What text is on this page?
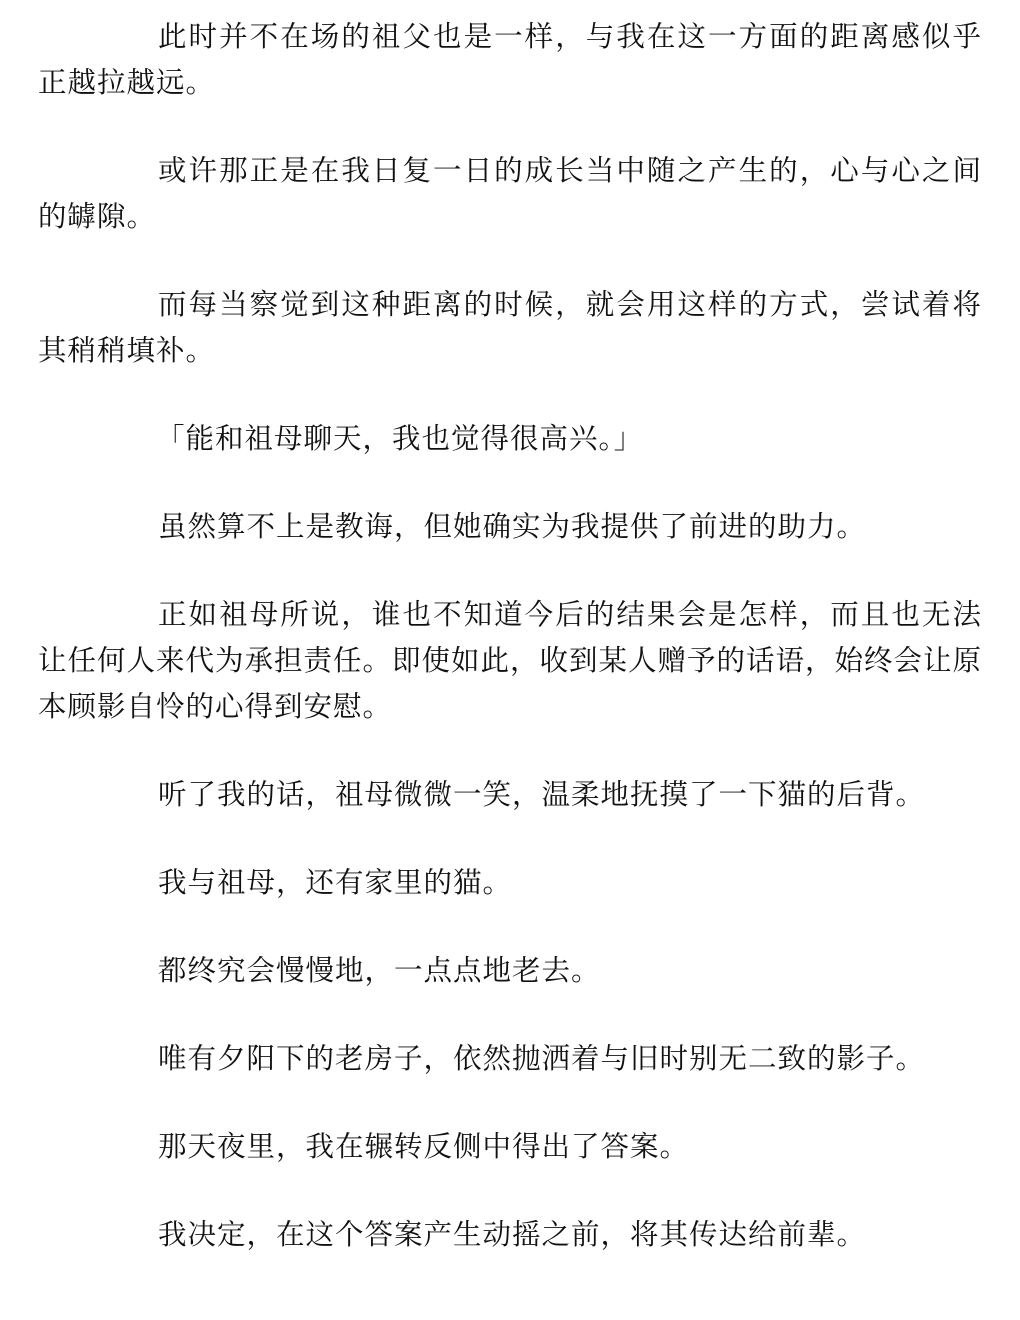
此时并不在场的祖父也是一样，与我在这一方面的距离感似乎正越拉越远。

或许那正是在我日复一日的成长当中随之产生的，心与心之间的罅隙。

而每当察觉到这种距离的时候，就会用这样的方式，尝试着将其稍稍填补。

「能和祖母聊天，我也觉得很高兴。」

虽然算不上是教诲，但她确实为我提供了前进的助力。

正如祖母所说，谁也不知道今后的结果会是怎样，而且也无法让任何人来代为承担责任。即使如此，收到某人赠予的话语，始终会让原本顾影自怜的心得到安慰。

听了我的话，祖母微微一笑，温柔地抚摸了一下猫的后背。

我与祖母，还有家里的猫。

都终究会慢慢地，一点点地老去。

唯有夕阳下的老房子，依然抛洒着与旧时别无二致的影子。

那天夜里，我在辗转反侧中得出了答案。

我决定，在这个答案产生动摇之前，将其传达给前辈。
